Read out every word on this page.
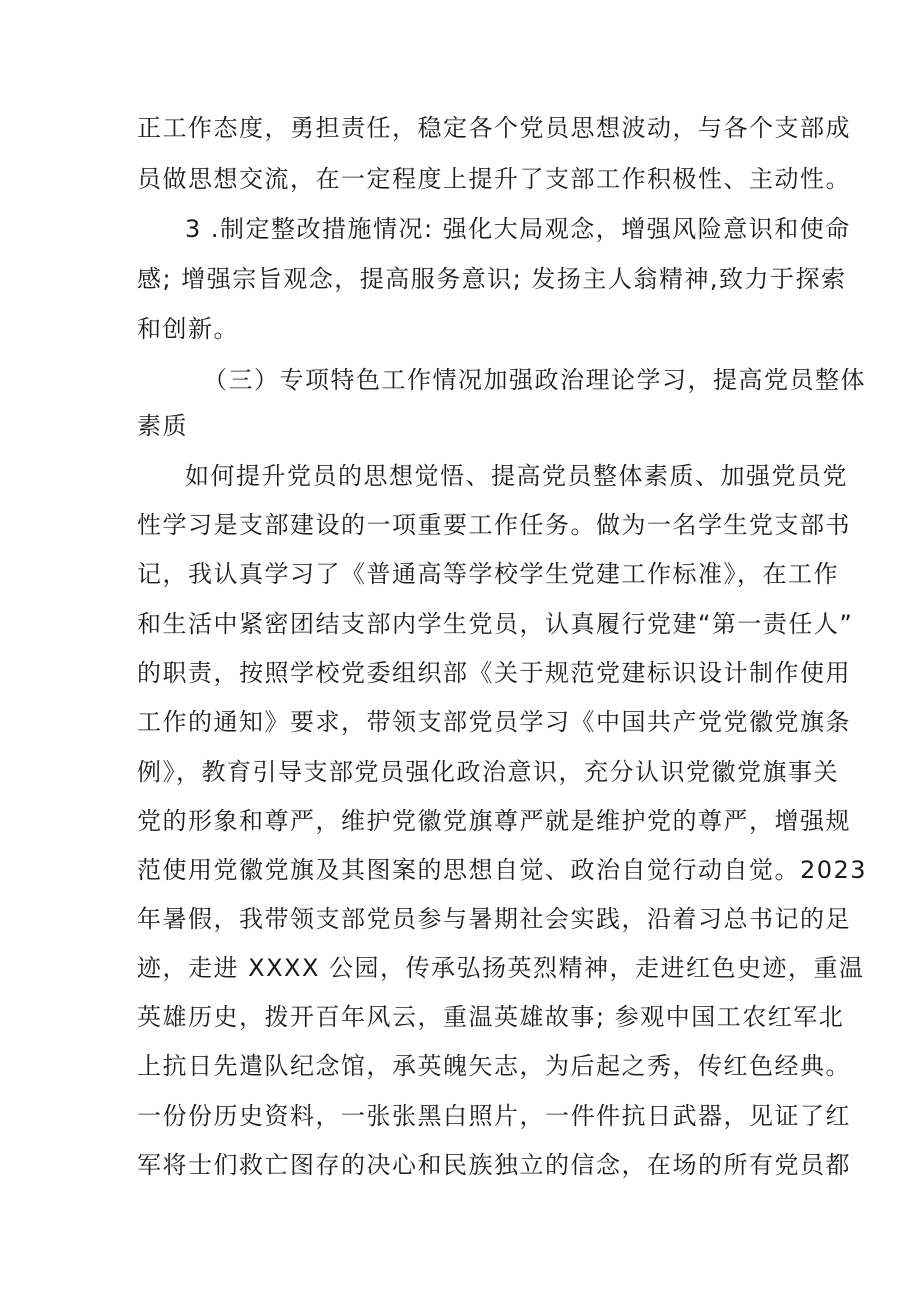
正工作态度，勇担责任，稳定各个党员思想波动，与各个支部成
员做思想交流，在一定程度上提升了支部工作积极性、主动性。
3 .制定整改措施情况: 强化大局观念，增强风险意识和使命
感; 增强宗旨观念，提高服务意识; 发扬主人翁精神,致力于探索
和创新。
（三）专项特色工作情况加强政治理论学习，提高党员整体
素质
如何提升党员的思想觉悟、提高党员整体素质、加强党员党
性学习是支部建设的一项重要工作任务。做为一名学生党支部书
记，我认真学习了《普通高等学校学生党建工作标准》，在工作
和生活中紧密团结支部内学生党员，认真履行党建“第一责任人”
的职责，按照学校党委组织部《关于规范党建标识设计制作使用
工作的通知》要求，带领支部党员学习《中国共产党党徽党旗条
例》，教育引导支部党员强化政治意识，充分认识党徽党旗事关
党的形象和尊严，维护党徽党旗尊严就是维护党的尊严，增强规
范使用党徽党旗及其图案的思想自觉、政治自觉行动自觉。2023
年暑假，我带领支部党员参与暑期社会实践，沿着习总书记的足
迹，走进 XXXX 公园，传承弘扬英烈精神，走进红色史迹，重温
英雄历史，拨开百年风云，重温英雄故事; 参观中国工农红军北
上抗日先遣队纪念馆，承英魄矢志，为后起之秀，传红色经典。
一份份历史资料，一张张黑白照片，一件件抗日武器，见证了红
军将士们救亡图存的决心和民族独立的信念，在场的所有党员都
